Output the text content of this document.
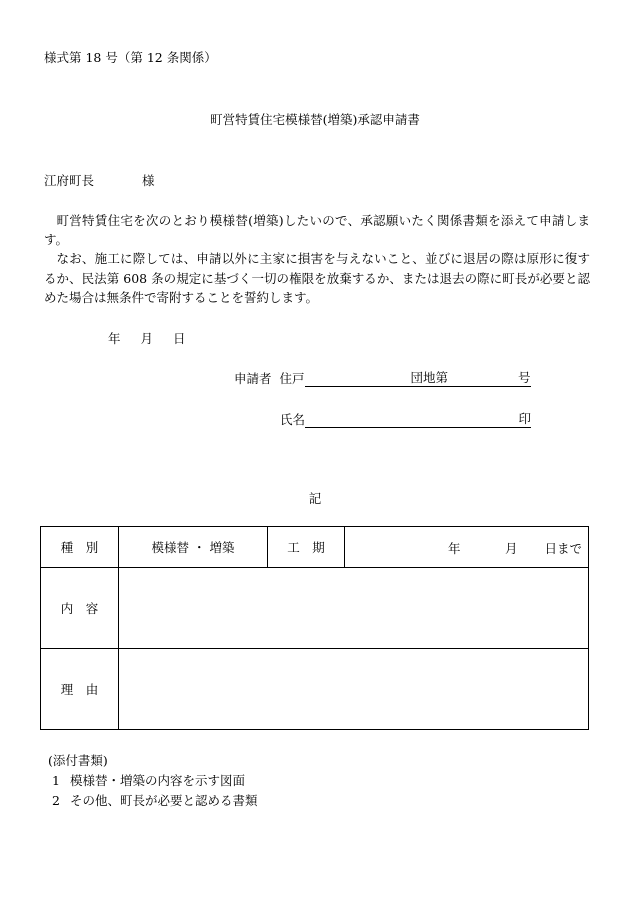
様式第 18 号（第 12 条関係）
町営特賃住宅模様替(増築)承認申請書
江府町長	様

町営特賃住宅を次のとおり模様替(増築)したいので、承認願いたく関係書類を添えて申請します。

なお、施工に際しては、申請以外に主家に損害を与えないこと、並びに退居の際は原形に復するか、民法第 608 条の規定に基づく一切の権限を放棄するか、または退去の際に町長が必要と認めた場合は無条件で寄附することを誓約します。

年 月 日
申請者 住戸	団地第	号
氏名	印
記
種　別	模様替 ・ 増築	工　期	年 月 日まで

内　容			
理　由			
(添付書類)
1 模様替・増築の内容を示す図面
2 その他、町長が必要と認める書類
